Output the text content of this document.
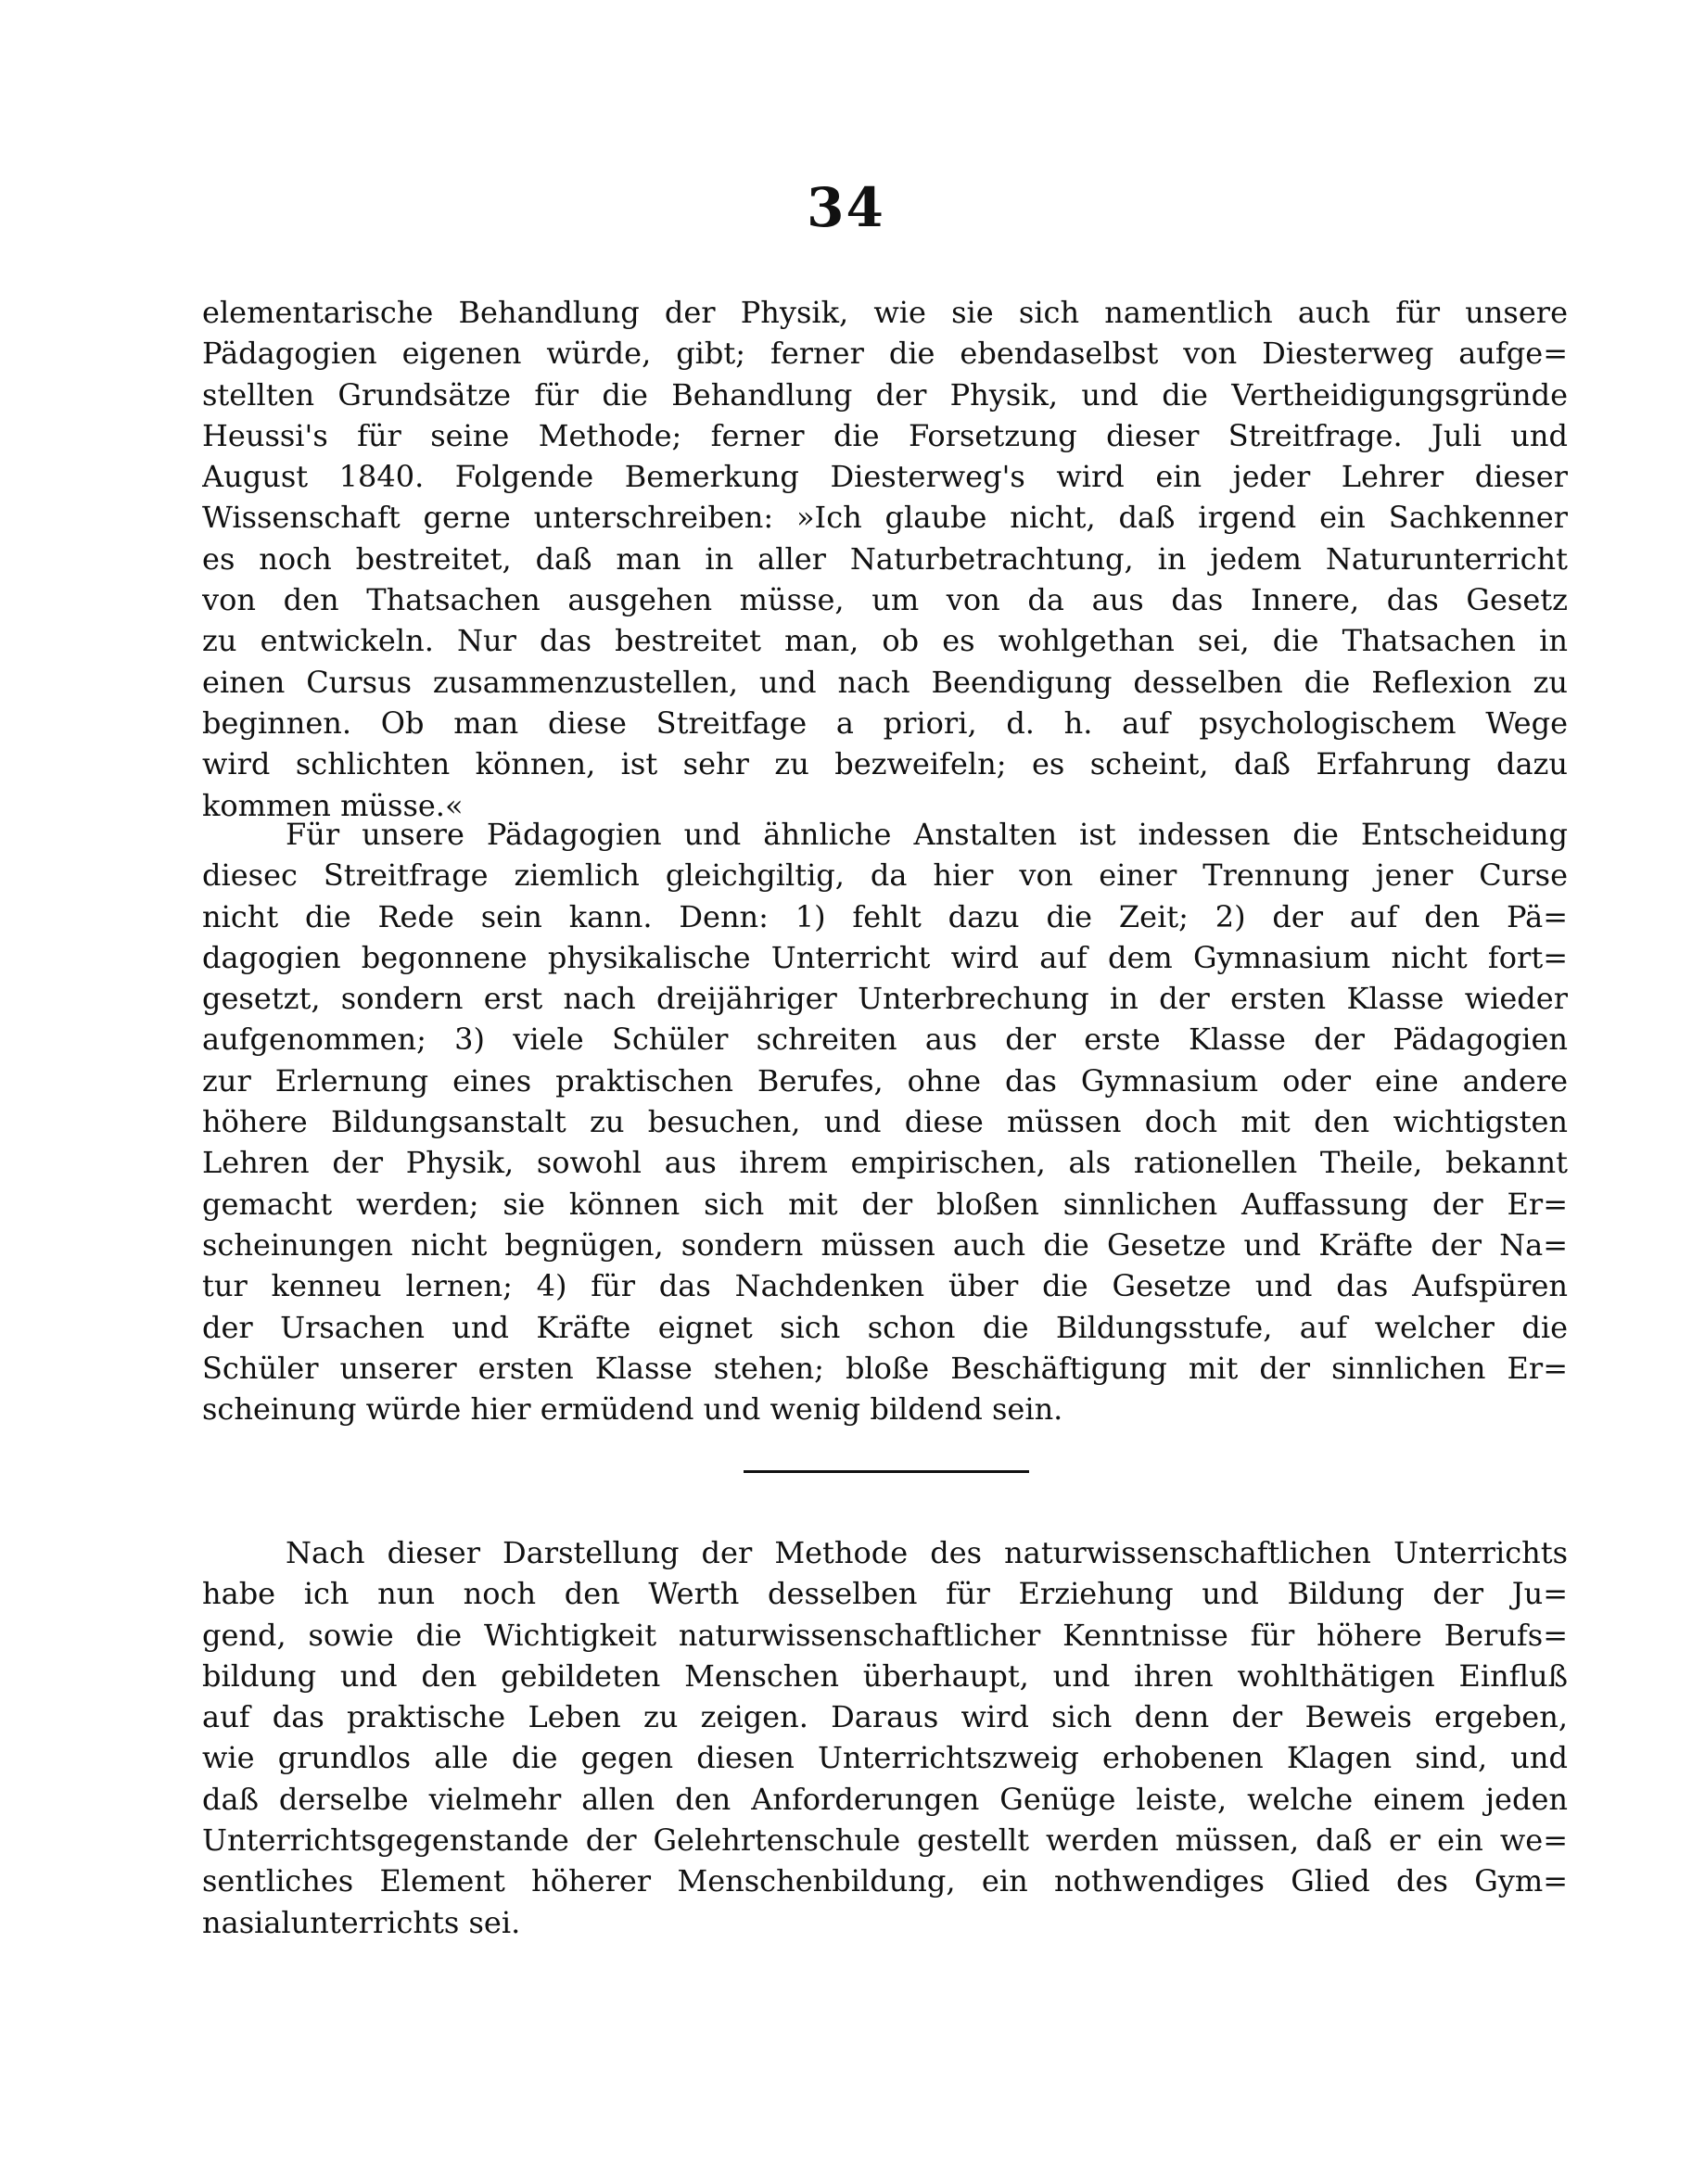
34
elementarische Behandlung der Physik, wie sie sich namentlich auch für unsere
Pädagogien eigenen würde, gibt; ferner die ebendaselbst von Diesterweg aufge=
stellten Grundsätze für die Behandlung der Physik, und die Vertheidigungsgründe
Heussi's für seine Methode; ferner die Forsetzung dieser Streitfrage. Juli und
August 1840. Folgende Bemerkung Diesterweg's wird ein jeder Lehrer dieser
Wissenschaft gerne unterschreiben: »Ich glaube nicht, daß irgend ein Sachkenner
es noch bestreitet, daß man in aller Naturbetrachtung, in jedem Naturunterricht
von den Thatsachen ausgehen müsse, um von da aus das Innere, das Gesetz
zu entwickeln. Nur das bestreitet man, ob es wohlgethan sei, die Thatsachen in
einen Cursus zusammenzustellen, und nach Beendigung desselben die Reflexion zu
beginnen. Ob man diese Streitfage a priori, d. h. auf psychologischem Wege
wird schlichten können, ist sehr zu bezweifeln; es scheint, daß Erfahrung dazu
kommen müsse.«
Für unsere Pädagogien und ähnliche Anstalten ist indessen die Entscheidung
diesec Streitfrage ziemlich gleichgiltig, da hier von einer Trennung jener Curse
nicht die Rede sein kann. Denn: 1) fehlt dazu die Zeit; 2) der auf den Pä=
dagogien begonnene physikalische Unterricht wird auf dem Gymnasium nicht fort=
gesetzt, sondern erst nach dreijähriger Unterbrechung in der ersten Klasse wieder
aufgenommen; 3) viele Schüler schreiten aus der erste Klasse der Pädagogien
zur Erlernung eines praktischen Berufes, ohne das Gymnasium oder eine andere
höhere Bildungsanstalt zu besuchen, und diese müssen doch mit den wichtigsten
Lehren der Physik, sowohl aus ihrem empirischen, als rationellen Theile, bekannt
gemacht werden; sie können sich mit der bloßen sinnlichen Auffassung der Er=
scheinungen nicht begnügen, sondern müssen auch die Gesetze und Kräfte der Na=
tur kenneu lernen; 4) für das Nachdenken über die Gesetze und das Aufspüren
der Ursachen und Kräfte eignet sich schon die Bildungsstufe, auf welcher die
Schüler unserer ersten Klasse stehen; bloße Beschäftigung mit der sinnlichen Er=
scheinung würde hier ermüdend und wenig bildend sein.
Nach dieser Darstellung der Methode des naturwissenschaftlichen Unterrichts
habe ich nun noch den Werth desselben für Erziehung und Bildung der Ju=
gend, sowie die Wichtigkeit naturwissenschaftlicher Kenntnisse für höhere Berufs=
bildung und den gebildeten Menschen überhaupt, und ihren wohlthätigen Einfluß
auf das praktische Leben zu zeigen. Daraus wird sich denn der Beweis ergeben,
wie grundlos alle die gegen diesen Unterrichtszweig erhobenen Klagen sind, und
daß derselbe vielmehr allen den Anforderungen Genüge leiste, welche einem jeden
Unterrichtsgegenstande der Gelehrtenschule gestellt werden müssen, daß er ein we=
sentliches Element höherer Menschenbildung, ein nothwendiges Glied des Gym=
nasialunterrichts sei.
